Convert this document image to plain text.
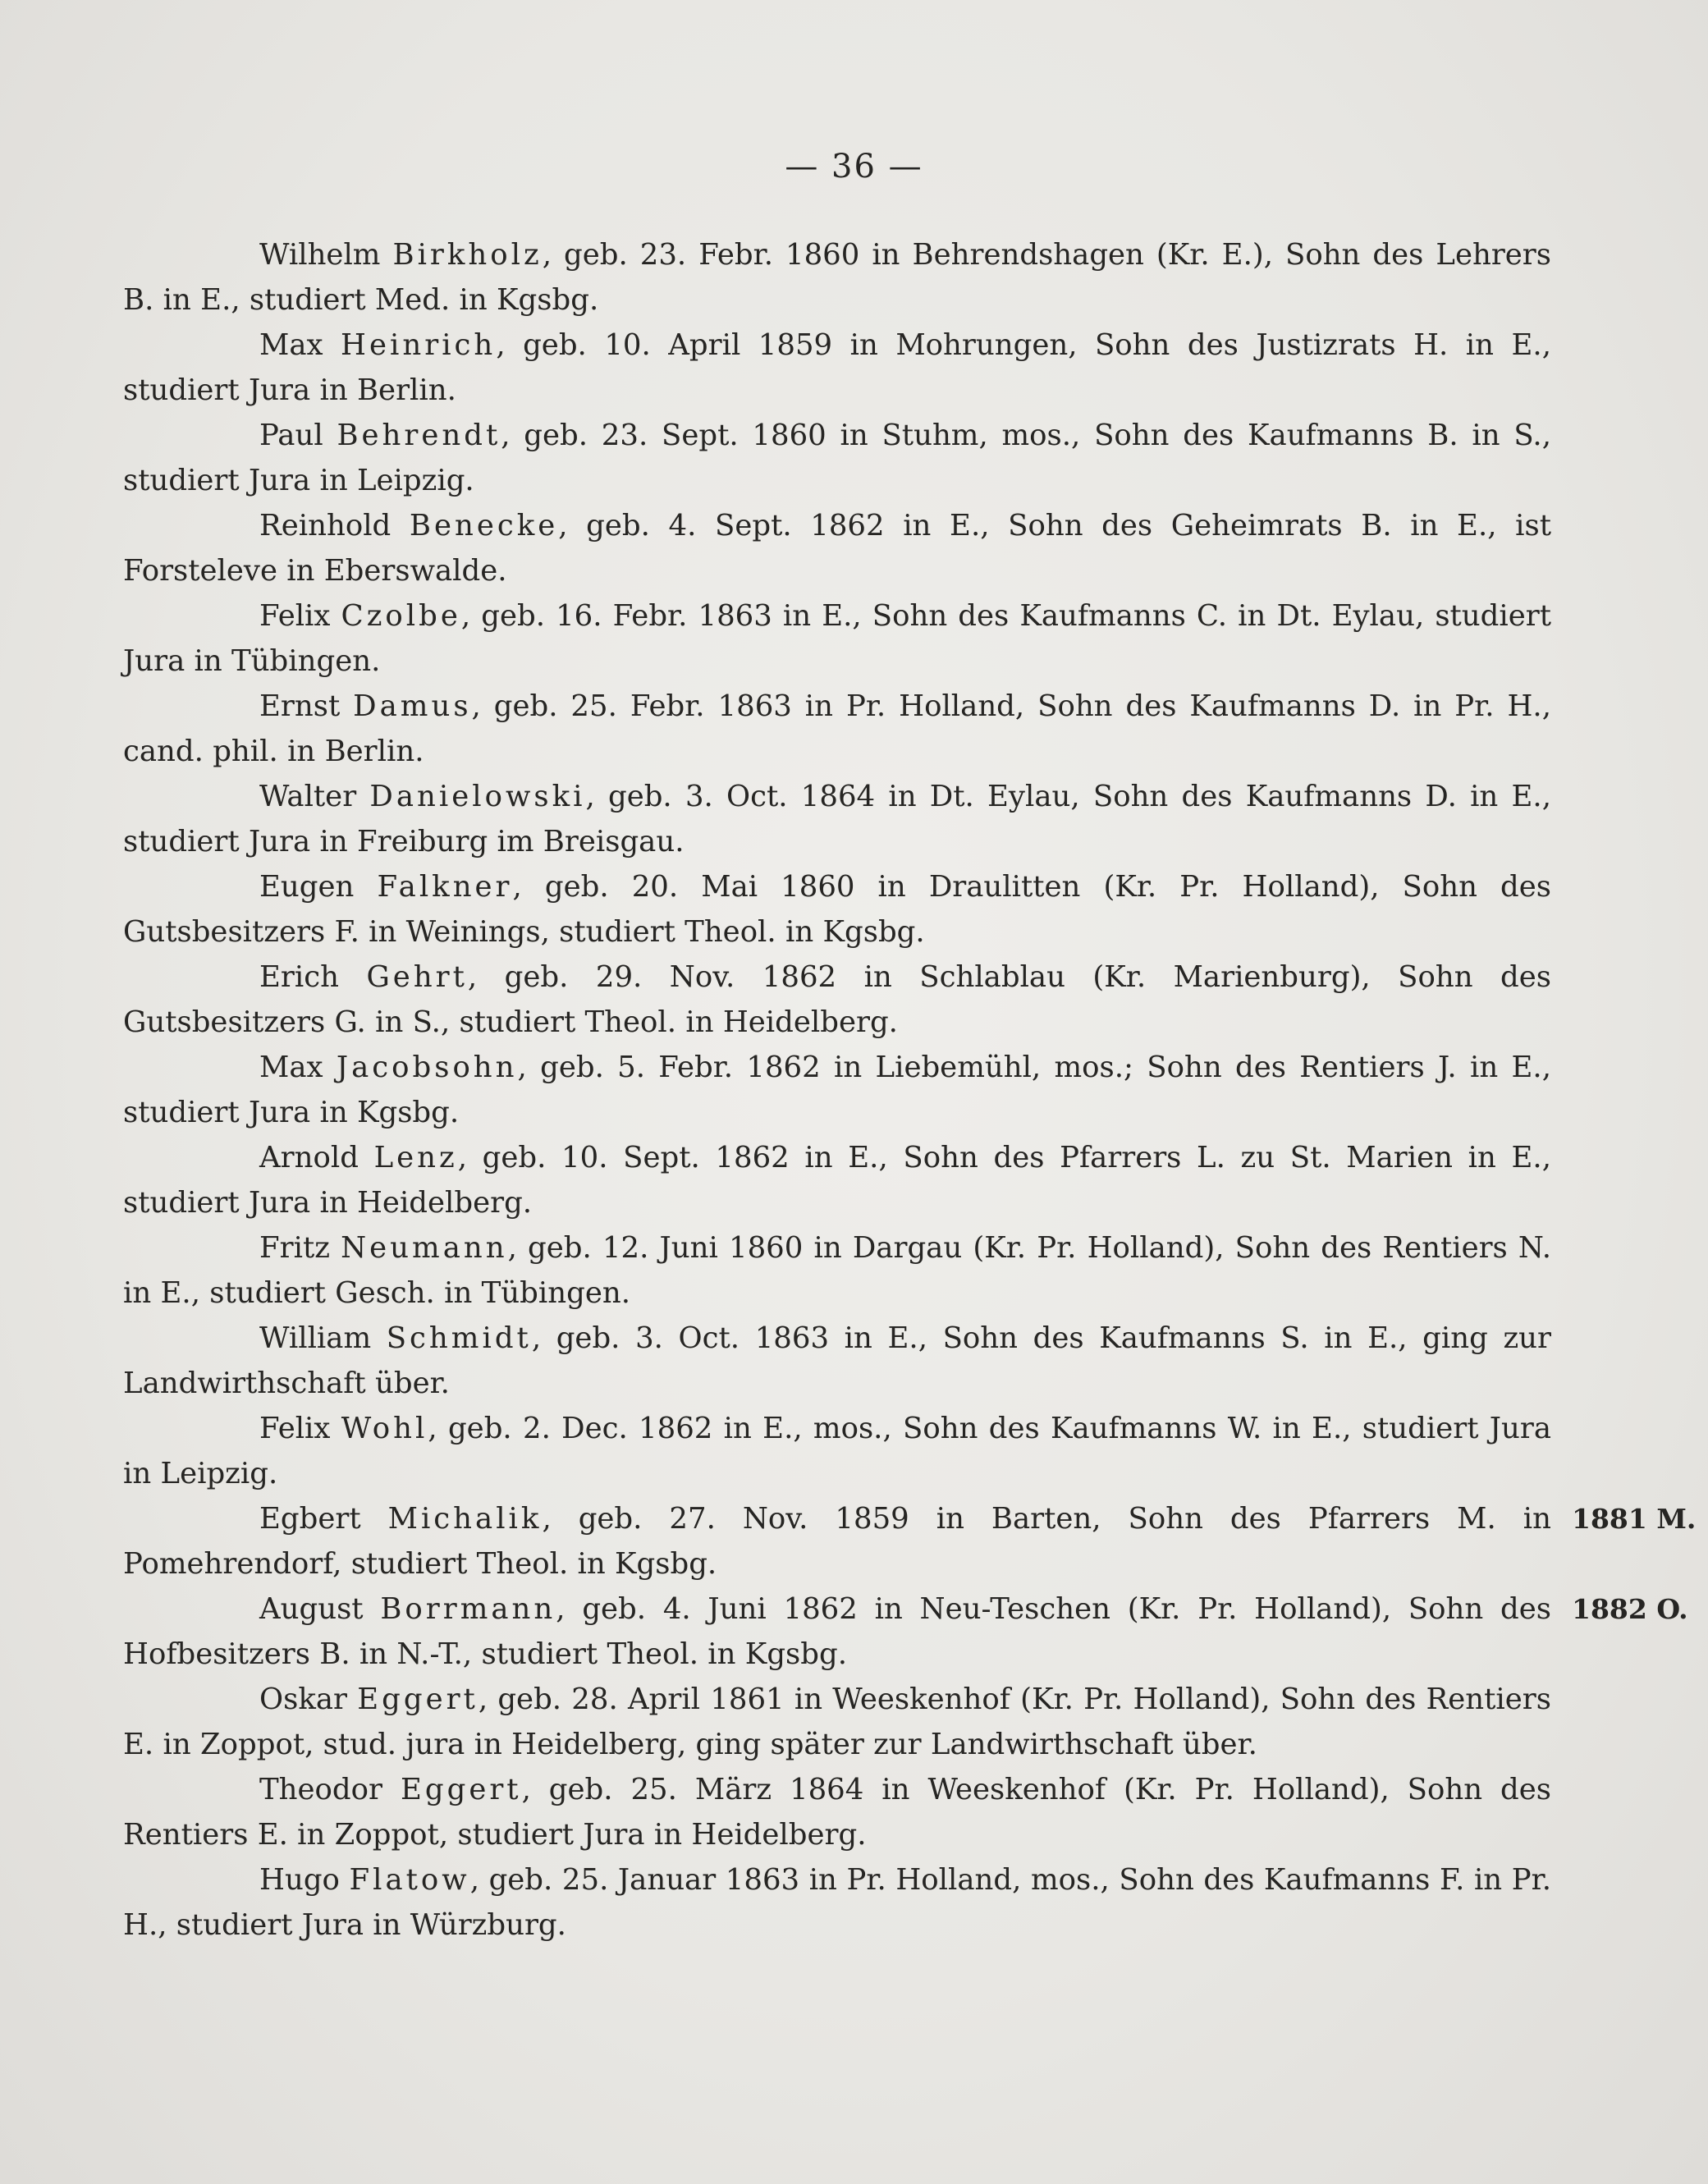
— 36 —

Wilhelm Birkholz, geb. 23. Febr. 1860 in Behrendshagen (Kr. E.), Sohn des Lehrers B. in E., studiert Med. in Kgsbg.

Max Heinrich, geb. 10. April 1859 in Mohrungen, Sohn des Justizrats H. in E., studiert Jura in Berlin.

Paul Behrendt, geb. 23. Sept. 1860 in Stuhm, mos., Sohn des Kaufmanns B. in S., studiert Jura in Leipzig.

Reinhold Benecke, geb. 4. Sept. 1862 in E., Sohn des Geheimrats B. in E., ist Forsteleve in Eberswalde.

Felix Czolbe, geb. 16. Febr. 1863 in E., Sohn des Kaufmanns C. in Dt. Eylau, studiert Jura in Tübingen.

Ernst Damus, geb. 25. Febr. 1863 in Pr. Holland, Sohn des Kaufmanns D. in Pr. H., cand. phil. in Berlin.

Walter Danielowski, geb. 3. Oct. 1864 in Dt. Eylau, Sohn des Kaufmanns D. in E., studiert Jura in Freiburg im Breisgau.

Eugen Falkner, geb. 20. Mai 1860 in Draulitten (Kr. Pr. Holland), Sohn des Gutsbesitzers F. in Weinings, studiert Theol. in Kgsbg.

Erich Gehrt, geb. 29. Nov. 1862 in Schlablau (Kr. Marienburg), Sohn des Gutsbesitzers G. in S., studiert Theol. in Heidelberg.

Max Jacobsohn, geb. 5. Febr. 1862 in Liebemühl, mos.; Sohn des Rentiers J. in E., studiert Jura in Kgsbg.

Arnold Lenz, geb. 10. Sept. 1862 in E., Sohn des Pfarrers L. zu St. Marien in E., studiert Jura in Heidelberg.

Fritz Neumann, geb. 12. Juni 1860 in Dargau (Kr. Pr. Holland), Sohn des Rentiers N. in E., studiert Gesch. in Tübingen.

William Schmidt, geb. 3. Oct. 1863 in E., Sohn des Kaufmanns S. in E., ging zur Landwirthschaft über.

Felix Wohl, geb. 2. Dec. 1862 in E., mos., Sohn des Kaufmanns W. in E., studiert Jura in Leipzig.

Egbert Michalik, geb. 27. Nov. 1859 in Barten, Sohn des Pfarrers M. in Pomehrendorf, studiert Theol. in Kgsbg.
1881 M.

August Borrmann, geb. 4. Juni 1862 in Neu-Teschen (Kr. Pr. Holland), Sohn des Hofbesitzers B. in N.-T., studiert Theol. in Kgsbg.
1882 O.

Oskar Eggert, geb. 28. April 1861 in Weeskenhof (Kr. Pr. Holland), Sohn des Rentiers E. in Zoppot, stud. jura in Heidelberg, ging später zur Landwirthschaft über.

Theodor Eggert, geb. 25. März 1864 in Weeskenhof (Kr. Pr. Holland), Sohn des Rentiers E. in Zoppot, studiert Jura in Heidelberg.

Hugo Flatow, geb. 25. Januar 1863 in Pr. Holland, mos., Sohn des Kaufmanns F. in Pr. H., studiert Jura in Würzburg.
